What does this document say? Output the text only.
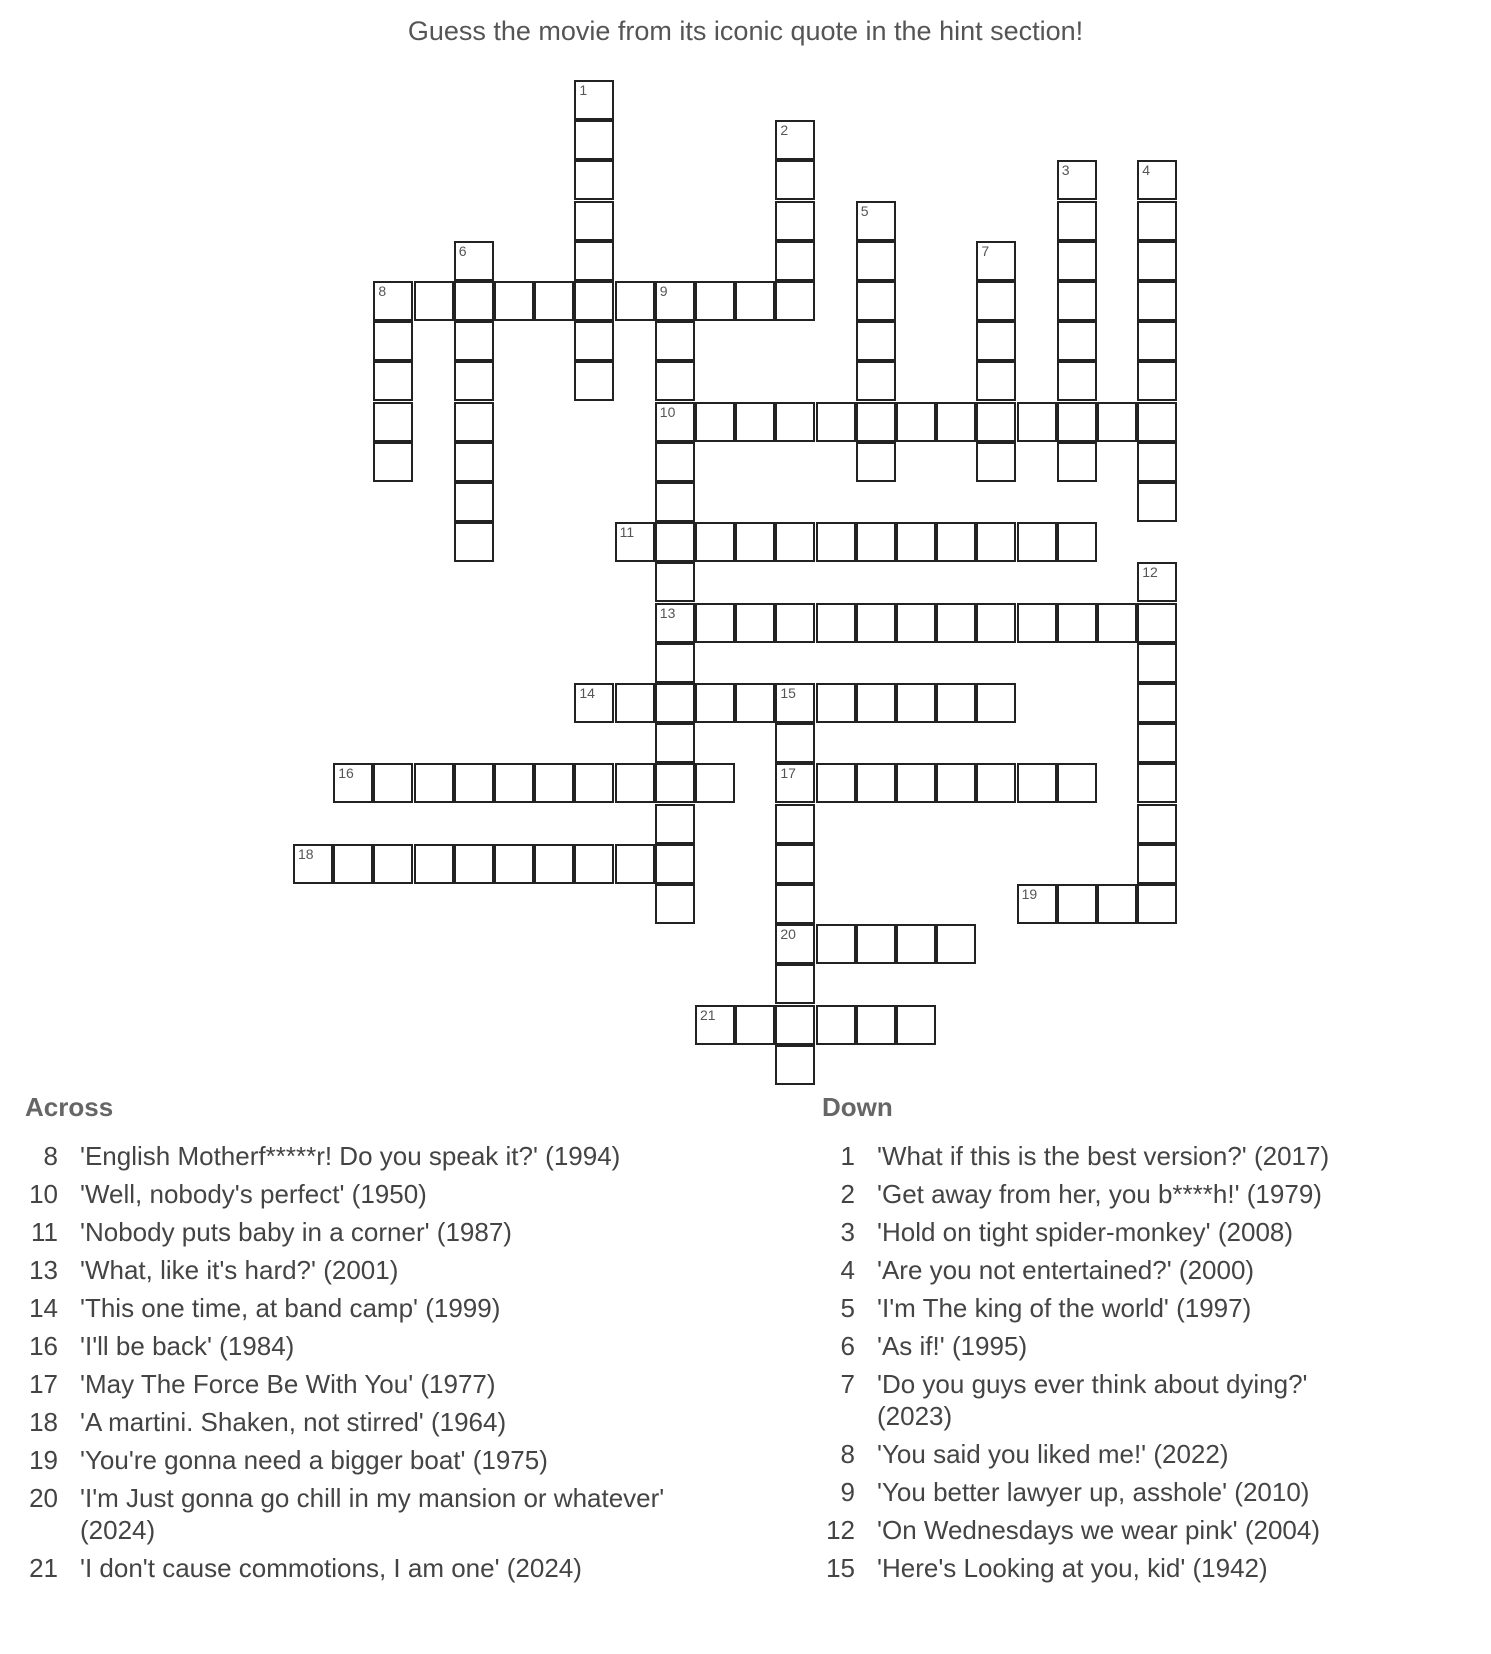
Guess the movie from its iconic quote in the hint section!
8	9
10
11
13
14	15
16	17
18
19
20
21
1
2
3	4
5
6	7
12
Across
8 'English Motherf*****r! Do you speak it?' (1994)
10 'Well, nobody's perfect' (1950)
11 'Nobody puts baby in a corner' (1987)
13 'What, like it's hard?' (2001)
14 'This one time, at band camp' (1999)
16 'I'll be back' (1984)
17 'May The Force Be With You' (1977)
18 'A martini. Shaken, not stirred' (1964)
19 'You're gonna need a bigger boat' (1975)
20 'I'm Just gonna go chill in my mansion or whatever' (2024)
21 'I don't cause commotions, I am one' (2024)
Down
1 'What if this is the best version?' (2017)
2 'Get away from her, you b****h!' (1979)
3 'Hold on tight spider-monkey' (2008)
4 'Are you not entertained?' (2000)
5 'I'm The king of the world' (1997)
6 'As if!' (1995)
7 'Do you guys ever think about dying?' (2023)
8 'You said you liked me!' (2022)
9 'You better lawyer up, asshole' (2010)
12 'On Wednesdays we wear pink' (2004)
15 'Here's Looking at you, kid' (1942)
